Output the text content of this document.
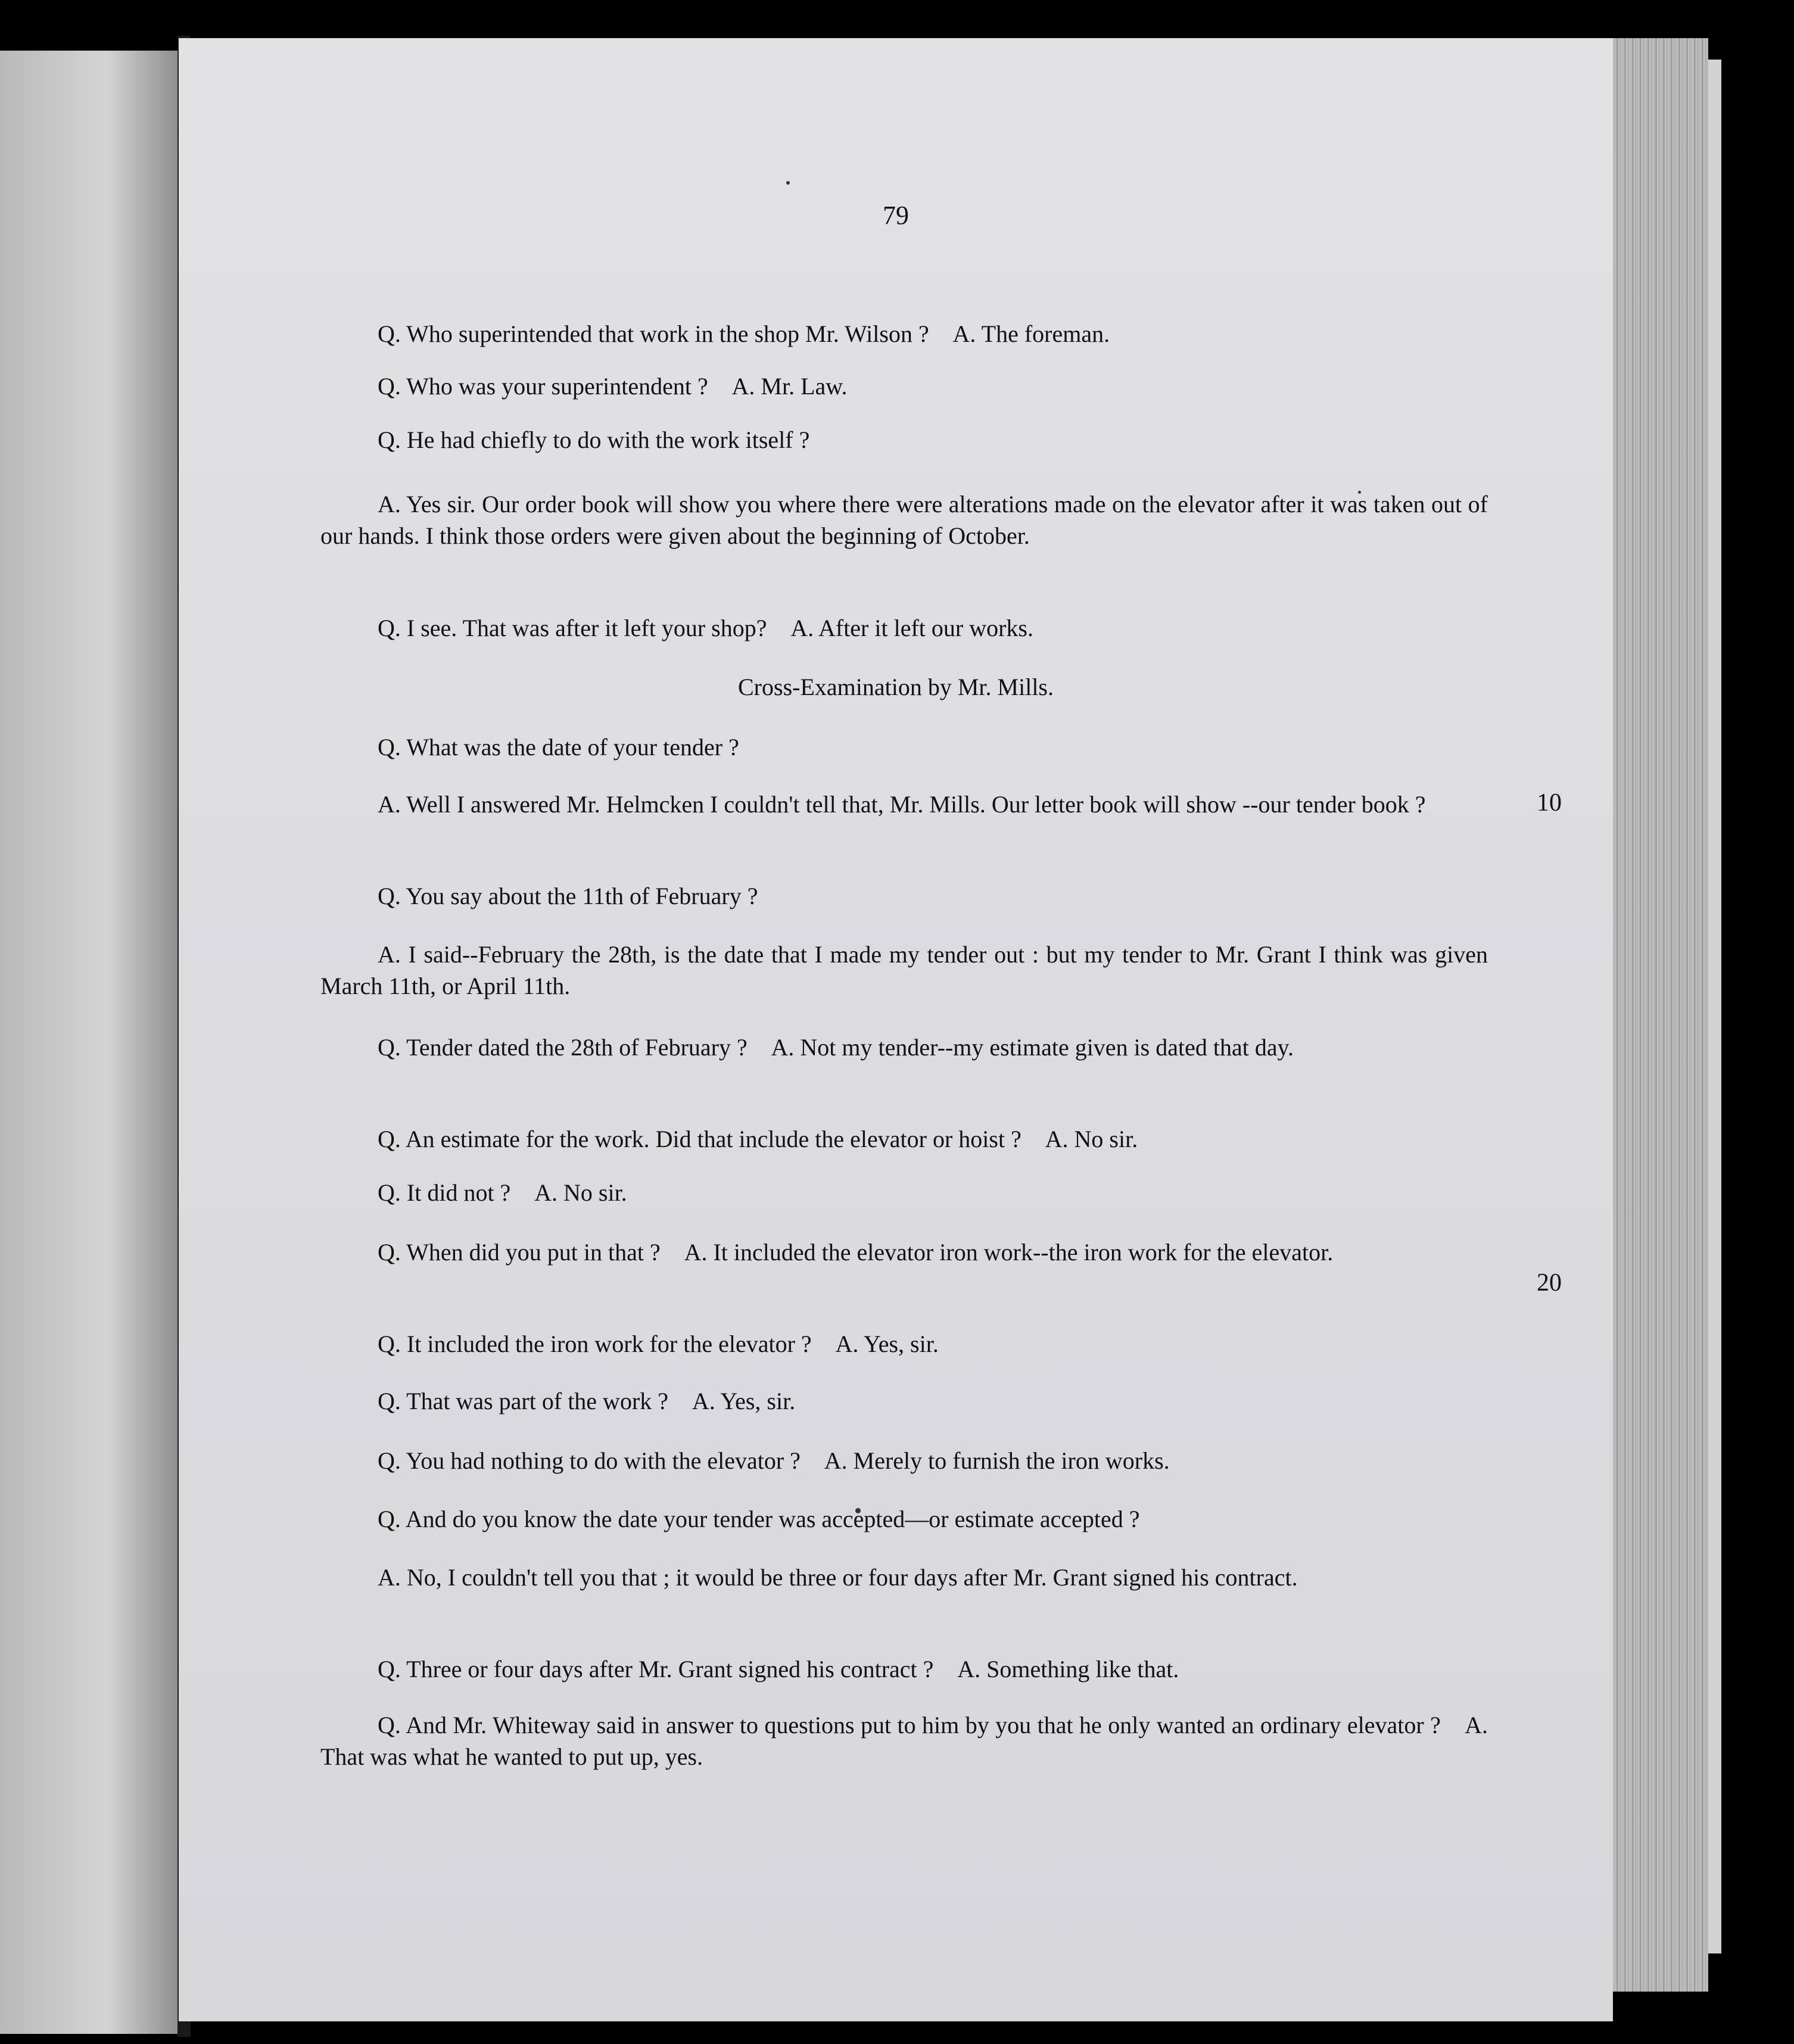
79

Q. Who superintended that work in the shop Mr. Wilson ? A. The foreman.

Q. Who was your superintendent ? A. Mr. Law.

Q. He had chiefly to do with the work itself ?

A. Yes sir. Our order book will show you where there were alterations made on the elevator after it was taken out of our hands. I think those orders were given about the beginning of October.

Q. I see. That was after it left your shop? A. After it left our works.

Cross-Examination by Mr. Mills.

Q. What was the date of your tender ?

A. Well I answered Mr. Helmcken I couldn't tell that, Mr. Mills. Our letter book will show --our tender book ?	10

Q. You say about the 11th of February ?

A. I said--February the 28th, is the date that I made my tender out : but my tender to Mr. Grant I think was given March 11th, or April 11th.

Q. Tender dated the 28th of February ? A. Not my tender--my estimate given is dated that day.

Q. An estimate for the work. Did that include the elevator or hoist ? A. No sir.

Q. It did not ? A. No sir.

Q. When did you put in that ? A. It included the elevator iron work--the iron work for the elevator.

20

Q. It included the iron work for the elevator ? A. Yes, sir.

Q. That was part of the work ? A. Yes, sir.

Q. You had nothing to do with the elevator ? A. Merely to furnish the iron works.

Q. And do you know the date your tender was accepted—or estimate accepted ?

A. No, I couldn't tell you that ; it would be three or four days after Mr. Grant signed his contract.

Q. Three or four days after Mr. Grant signed his contract ? A. Something like that.

Q. And Mr. Whiteway said in answer to questions put to him by you that he only wanted an ordinary elevator ? A. That was what he wanted to put up, yes.
